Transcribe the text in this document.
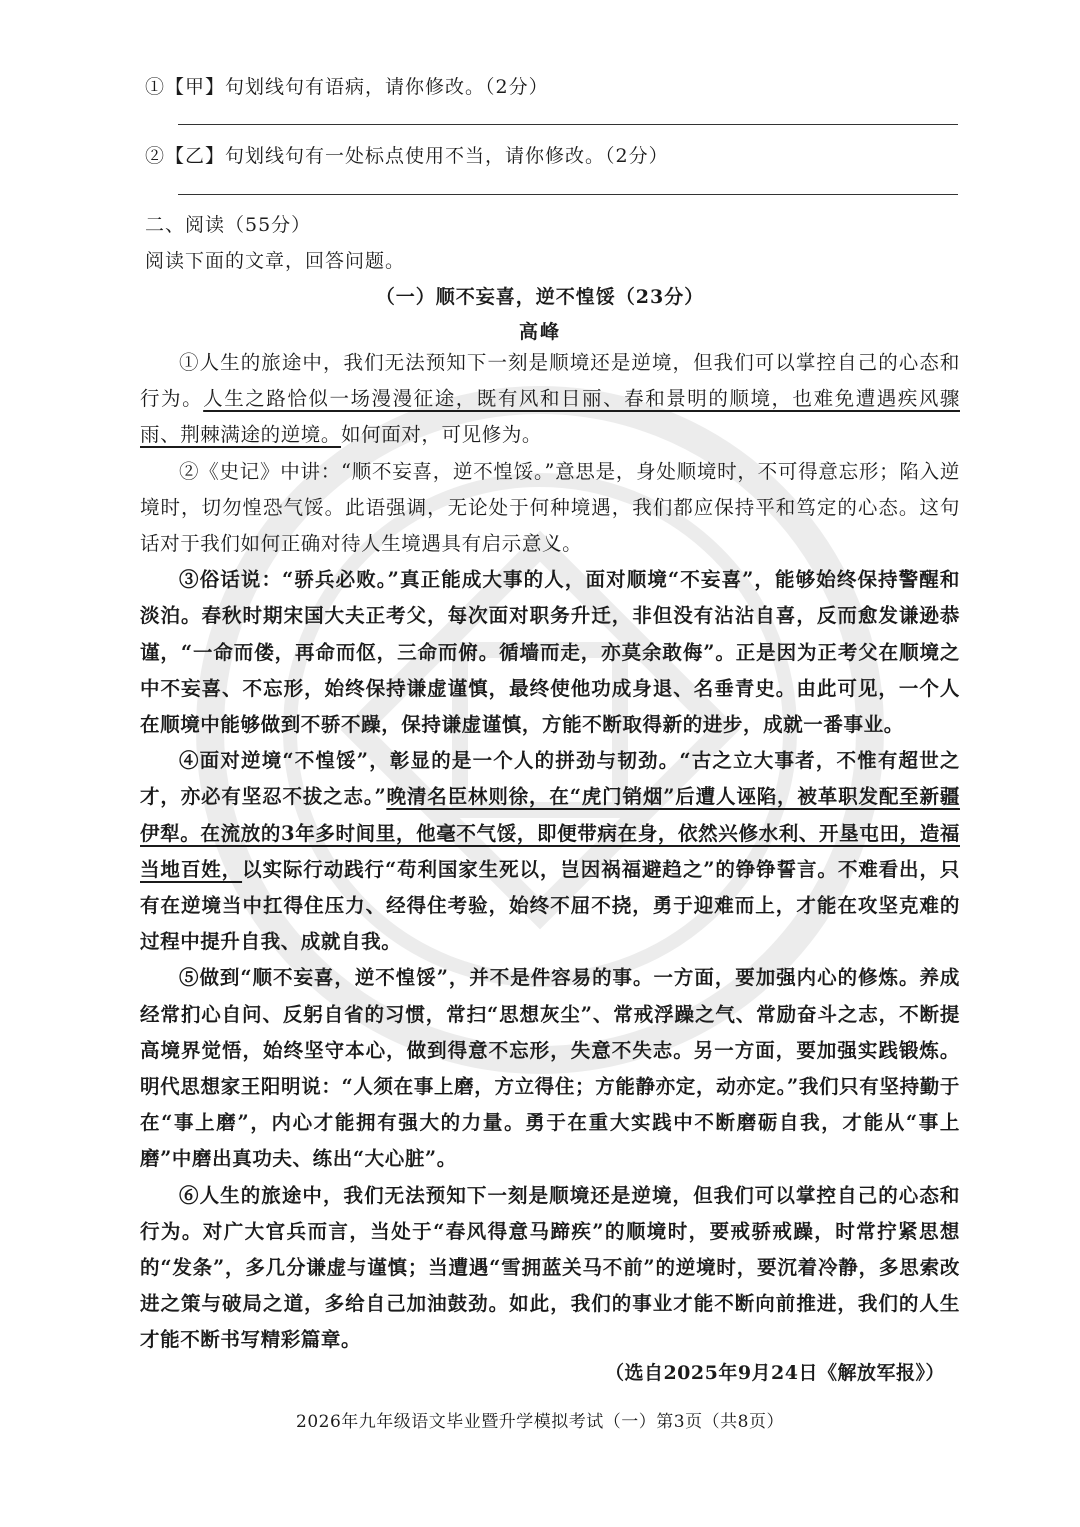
①【甲】句划线句有语病，请你修改。（2分）
②【乙】句划线句有一处标点使用不当，请你修改。（2分）
二、阅读（55分）
阅读下面的文章，回答问题。
（一）顺不妄喜，逆不惶馁（23分）
高峰

①人生的旅途中，我们无法预知下一刻是顺境还是逆境，但我们可以掌控自己的心态和行为。人生之路恰似一场漫漫征途，既有风和日丽、春和景明的顺境，也难免遭遇疾风骤雨、荆棘满途的逆境。如何面对，可见修为。

②《史记》中讲：“顺不妄喜，逆不惶馁。”意思是，身处顺境时，不可得意忘形；陷入逆境时，切勿惶恐气馁。此语强调，无论处于何种境遇，我们都应保持平和笃定的心态。这句话对于我们如何正确对待人生境遇具有启示意义。

③俗话说：“骄兵必败。”真正能成大事的人，面对顺境“不妄喜”，能够始终保持警醒和淡泊。春秋时期宋国大夫正考父，每次面对职务升迁，非但没有沾沾自喜，反而愈发谦逊恭谨，“一命而偻，再命而伛，三命而俯。循墙而走，亦莫余敢侮”。正是因为正考父在顺境之中不妄喜、不忘形，始终保持谦虚谨慎，最终使他功成身退、名垂青史。由此可见，一个人在顺境中能够做到不骄不躁，保持谦虚谨慎，方能不断取得新的进步，成就一番事业。

④面对逆境“不惶馁”，彰显的是一个人的拼劲与韧劲。“古之立大事者，不惟有超世之才，亦必有坚忍不拔之志。”晚清名臣林则徐，在“虎门销烟”后遭人诬陷，被革职发配至新疆伊犁。在流放的3年多时间里，他毫不气馁，即便带病在身，依然兴修水利、开垦屯田，造福当地百姓，以实际行动践行“苟利国家生死以，岂因祸福避趋之”的铮铮誓言。不难看出，只有在逆境当中扛得住压力、经得住考验，始终不屈不挠，勇于迎难而上，才能在攻坚克难的过程中提升自我、成就自我。

⑤做到“顺不妄喜，逆不惶馁”，并不是件容易的事。一方面，要加强内心的修炼。养成经常扪心自问、反躬自省的习惯，常扫“思想灰尘”、常戒浮躁之气、常励奋斗之志，不断提高境界觉悟，始终坚守本心，做到得意不忘形，失意不失志。另一方面，要加强实践锻炼。明代思想家王阳明说：“人须在事上磨，方立得住；方能静亦定，动亦定。”我们只有坚持勤于在“事上磨”，内心才能拥有强大的力量。勇于在重大实践中不断磨砺自我，才能从“事上磨”中磨出真功夫、练出“大心脏”。

⑥人生的旅途中，我们无法预知下一刻是顺境还是逆境，但我们可以掌控自己的心态和行为。对广大官兵而言，当处于“春风得意马蹄疾”的顺境时，要戒骄戒躁，时常拧紧思想的“发条”，多几分谦虚与谨慎；当遭遇“雪拥蓝关马不前”的逆境时，要沉着冷静，多思索改进之策与破局之道，多给自己加油鼓劲。如此，我们的事业才能不断向前推进，我们的人生才能不断书写精彩篇章。

（选自2025年9月24日《解放军报》）
2026年九年级语文毕业暨升学模拟考试（一）第3页（共8页）
